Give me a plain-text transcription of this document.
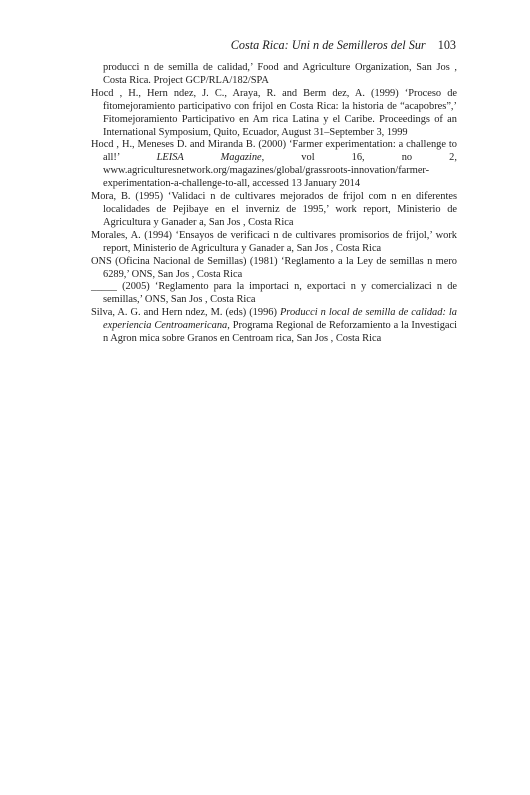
Costa Rica: Uni n de Semilleros del Sur 103

producci n de semilla de calidad,’ Food and Agriculture Organization, San Jos , Costa Rica. Project GCP/RLA/182/SPA

Hocd , H., Hern ndez, J. C., Araya, R. and Berm dez, A. (1999) ‘Proceso de fitomejoramiento participativo con frijol en Costa Rica: la historia de “acapobres”,’ Fitomejoramiento Participativo en Am rica Latina y el Caribe. Proceedings of an International Symposium, Quito, Ecuador, August 31–September 3, 1999

Hocd , H., Meneses D. and Miranda B. (2000) ‘Farmer experimentation: a challenge to all!’ LEISA Magazine, vol 16, no 2, www.agriculturesnetwork.org/magazines/global/grassroots-innovation/farmer-experimentation-a-challenge-to-all, accessed 13 January 2014

Mora, B. (1995) ‘Validaci n de cultivares mejorados de frijol com n en diferentes localidades de Pejibaye en el inverniz de 1995,’ work report, Ministerio de Agricultura y Ganader a, San Jos , Costa Rica

Morales, A. (1994) ‘Ensayos de verificaci n de cultivares promisorios de frijol,’ work report, Ministerio de Agricultura y Ganader a, San Jos , Costa Rica

ONS (Oficina Nacional de Semillas) (1981) ‘Reglamento a la Ley de semillas n mero 6289,’ ONS, San Jos , Costa Rica

_____ (2005) ‘Reglamento para la importaci n, exportaci n y comercializaci n de semillas,’ ONS, San Jos , Costa Rica

Silva, A. G. and Hern ndez, M. (eds) (1996) Producci n local de semilla de calidad: la experiencia Centroamericana, Programa Regional de Reforzamiento a la Investigaci n Agron mica sobre Granos en Centroam rica, San Jos , Costa Rica
